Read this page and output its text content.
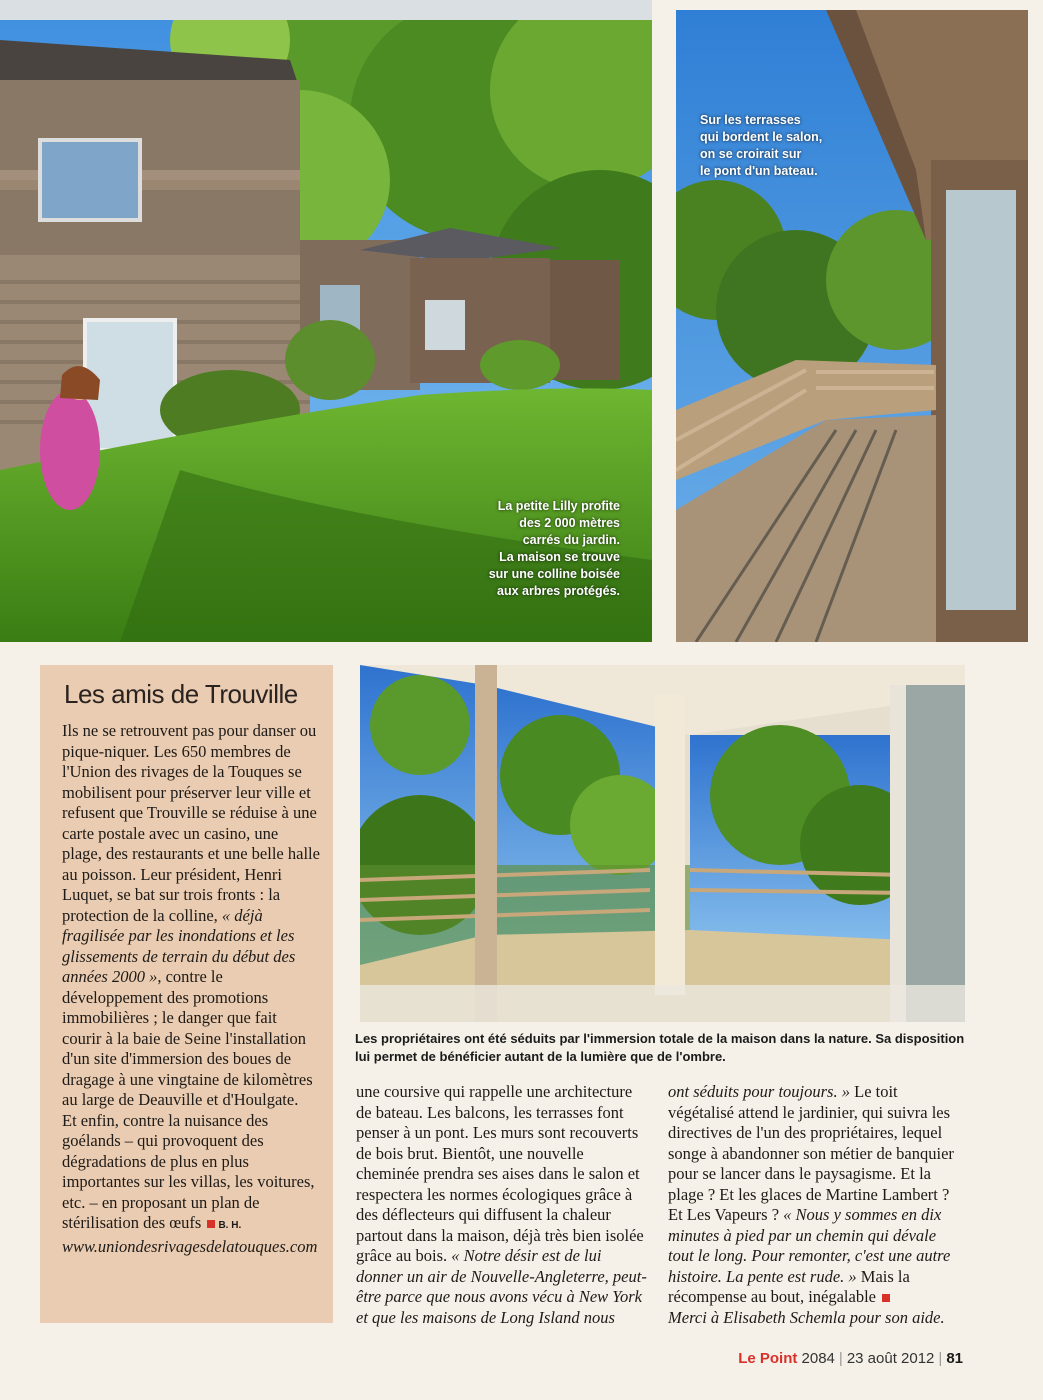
La petite Lilly profite
des 2 000 mètres
carrés du jardin.
La maison se trouve
sur une colline boisée
aux arbres protégés.
Sur les terrasses
qui bordent le salon,
on se croirait sur
le pont d'un bateau.
Les amis de Trouville

Ils ne se retrouvent pas pour danser ou pique-niquer. Les 650 membres de l'Union des rivages de la Touques se mobilisent pour préserver leur ville et refusent que Trouville se réduise à une carte postale avec un casino, une plage, des restaurants et une belle halle au poisson. Leur président, Henri Luquet, se bat sur trois fronts : la protection de la colline, « déjà fragilisée par les inondations et les glissements de terrain du début des années 2000 », contre le développement des promotions immobilières ; le danger que fait courir à la baie de Seine l'installation d'un site d'immersion des boues de dragage à une vingtaine de kilomètres au large de Deauville et d'Houlgate.

Et enfin, contre la nuisance des goélands – qui provoquent des dégradations de plus en plus importantes sur les villas, les voitures, etc. – en proposant un plan de stérilisation des œufs B. H.

www.uniondesrivagesdelatouques.com

Les propriétaires ont été séduits par l'immersion totale de la maison dans la nature. Sa disposition
lui permet de bénéficier autant de la lumière que de l'ombre.

une coursive qui rappelle une architecture de bateau. Les balcons, les terrasses font penser à un pont. Les murs sont recouverts de bois brut. Bientôt, une nouvelle cheminée prendra ses aises dans le salon et respectera les normes écologiques grâce à des déflecteurs qui diffusent la chaleur partout dans la maison, déjà très bien isolée grâce au bois. « Notre désir est de lui donner un air de Nouvelle-Angleterre, peut-être parce que nous avons vécu à New York et que les maisons de Long Island nous

ont séduits pour toujours. » Le toit végétalisé attend le jardinier, qui suivra les directives de l'un des propriétaires, lequel songe à abandonner son métier de banquier pour se lancer dans le paysagisme. Et la plage ? Et les glaces de Martine Lambert ? Et Les Vapeurs ? « Nous y sommes en dix minutes à pied par un chemin qui dévale tout le long. Pour remonter, c'est une autre histoire. La pente est rude. » Mais la récompense au bout, inégalable

Merci à Elisabeth Schemla pour son aide.

Le Point 2084 | 23 août 2012 | 81
